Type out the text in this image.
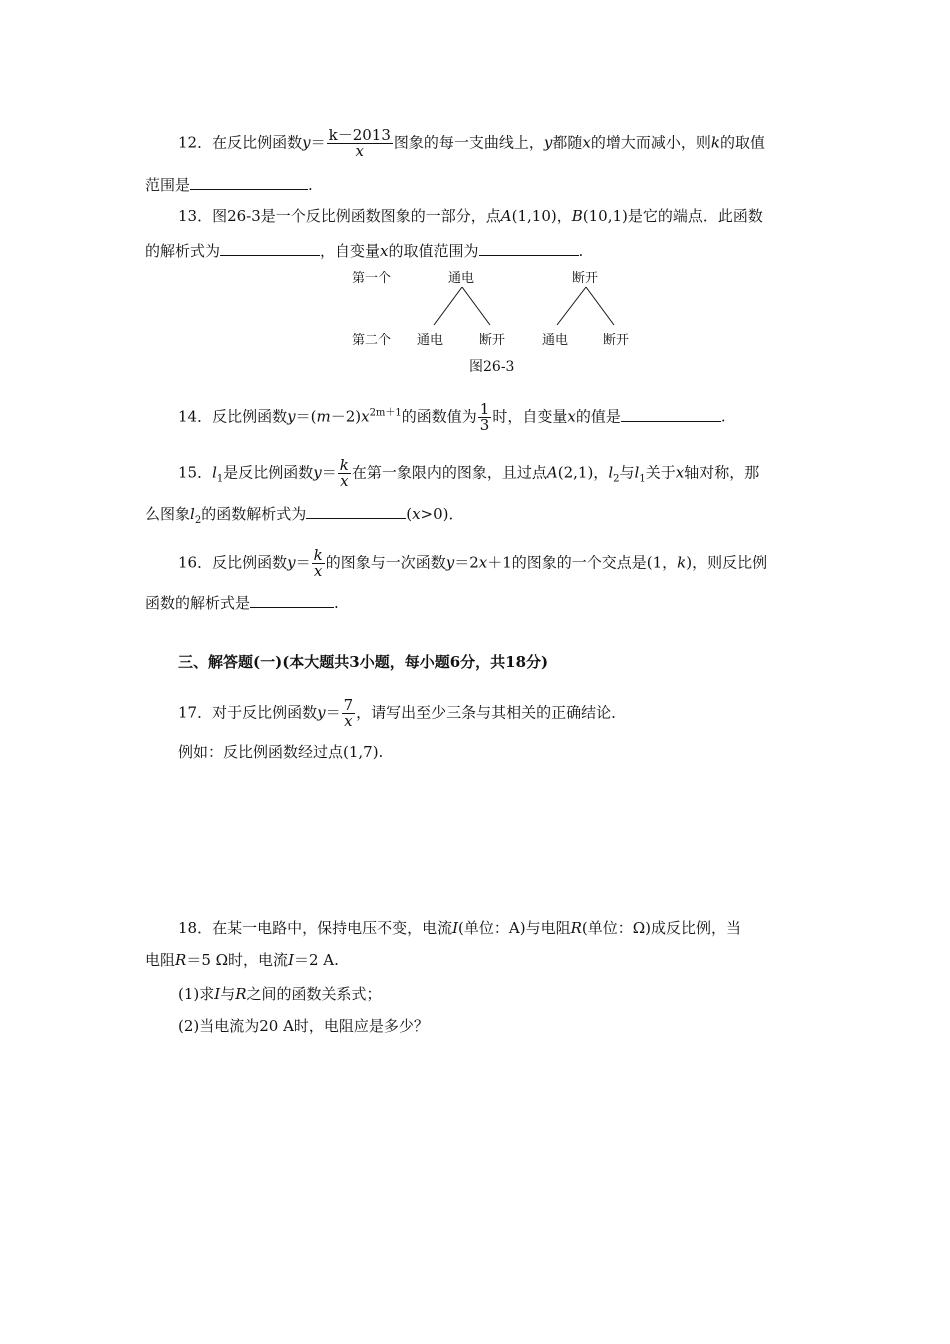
12．在反比例函数$y= \frac{k-2013}{x}$ 图象的每一支曲线上，y都随x的增大而减小，则k的取值
范围是	.
13．图26-3是一个反比例函数图象的一部分，点A(1,10)，B(10,1)是它的端点．此函数
的解析式为	，自变量x的取值范围为	.
第一个	通电	断开
第二个 通电	断开	通电	断开
图26-3
14．反比例函数$y=(m-2)x^{2m+1}$的函数值为 $\frac{1}{3}$ 时，自变量x的值是	.
15．$l_1$是反比例函数$y= \frac{k}{x}$ 在第一象限内的图象，且过点A(2,1)，$l_2$与$l_1$关于x轴对称，那
么图象$l_2$的函数解析式为	(x>0)．
16．反比例函数$y= \frac{k}{x}$ 的图象与一次函数y＝2x＋1的图象的一个交点是(1，k)，则反比例
函数的解析式是	.
三、解答题(一)(本大题共3小题，每小题6分，共18分)
17．对于反比例函数$y= \frac{7}{x}$ ，请写出至少三条与其相关的正确结论．
例如：反比例函数经过点(1,7).
18．在某一电路中，保持电压不变，电流I(单位：A)与电阻R(单位：Ω)成反比例，当
电阻R＝5 Ω时，电流I＝2 A.
(1)求I与R之间的函数关系式；
(2)当电流为20 A时，电阻应是多少？
